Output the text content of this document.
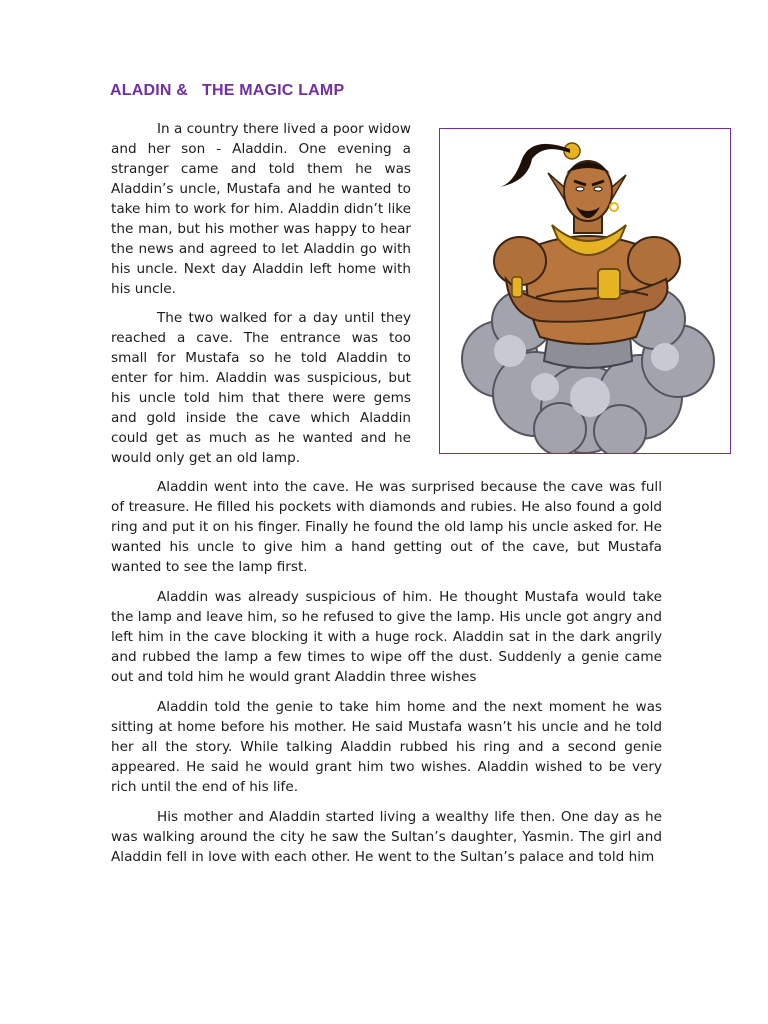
ALADIN &   THE MAGIC LAMP

In a country there lived a poor widow and her son - Aladdin. One evening a stranger came and told them he was Aladdin’s uncle, Mustafa and he wanted to take him to work for him. Aladdin didn’t like the man, but his mother was happy to hear the news and agreed to let Aladdin go with his uncle. Next day Aladdin left home with his uncle.

The two walked for a day until they reached a cave. The entrance was too small for Mustafa so he told Aladdin to enter for him. Aladdin was suspicious, but his uncle told him that there were gems and gold inside the cave which Aladdin could get as much as he wanted and he would only get an old lamp.

Aladdin went into the cave. He was surprised because the cave was full of treasure. He filled his pockets with diamonds and rubies. He also found a gold ring and put it on his finger. Finally he found the old lamp his uncle asked for. He wanted his uncle to give him a hand getting out of the cave, but Mustafa wanted to see the lamp first.

Aladdin was already suspicious of him. He thought Mustafa would take the lamp and leave him, so he refused to give the lamp. His uncle got angry and left him in the cave blocking it with a huge rock. Aladdin sat in the dark angrily and rubbed the lamp a few times to wipe off the dust. Suddenly a genie came out and told him he would grant Aladdin three wishes

Aladdin told the genie to take him home and the next moment he was sitting at home before his mother. He said Mustafa wasn’t his uncle and he told her all the story. While talking Aladdin rubbed his ring and a second genie appeared. He said he would grant him two wishes. Aladdin wished to be very rich until the end of his life.

His mother and Aladdin started living a wealthy life then. One day as he was walking around the city he saw the Sultan’s daughter, Yasmin. The girl and Aladdin fell in love with each other. He went to the Sultan’s palace and told him
